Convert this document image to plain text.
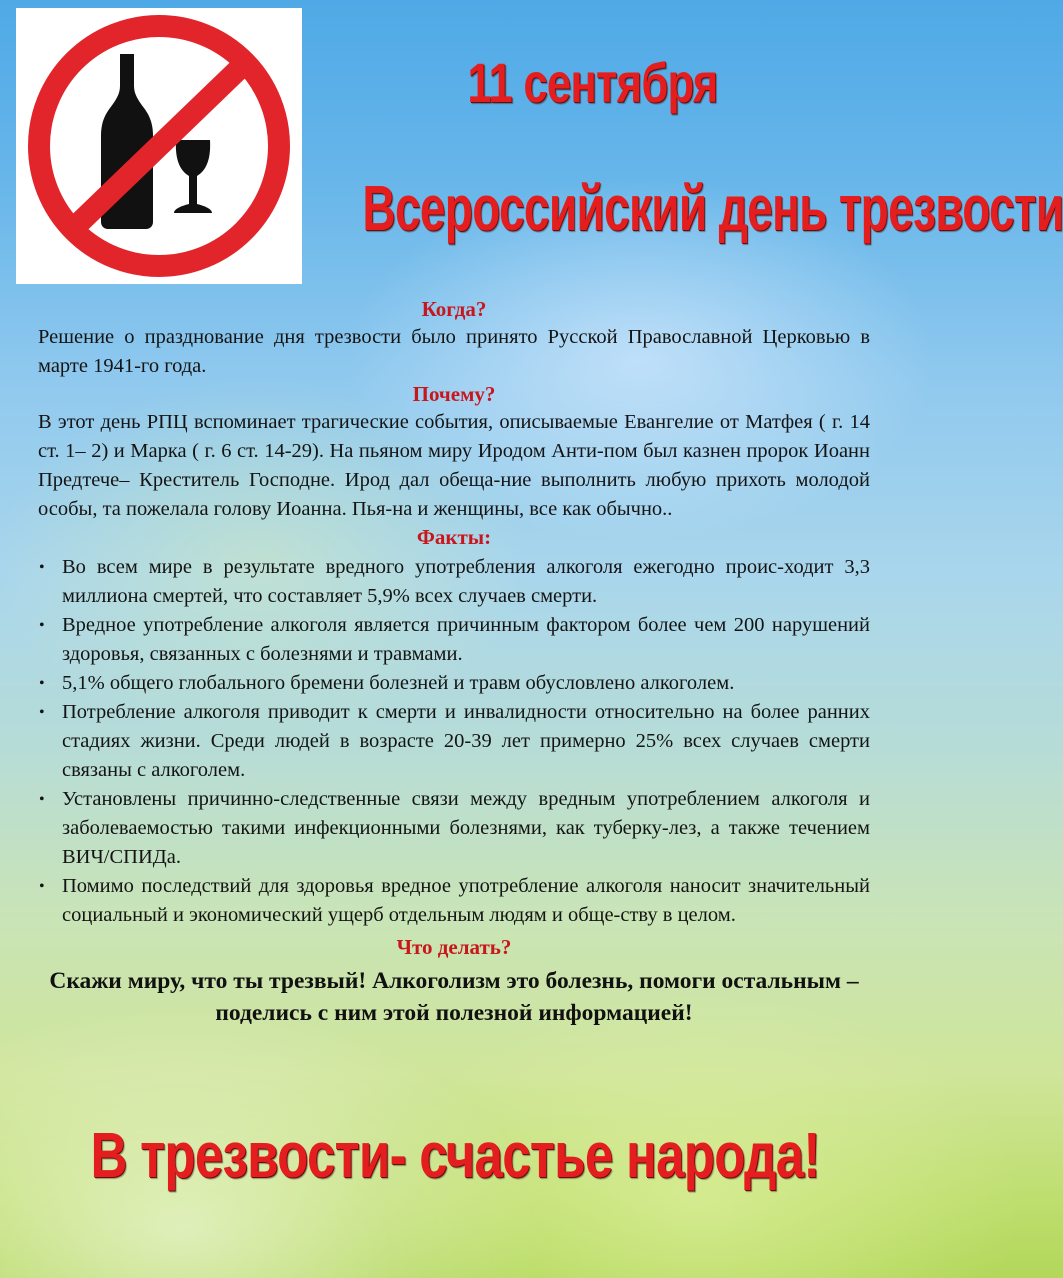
11 сентября
Всероссийский день трезвости

Когда?

Решение о празднование дня трезвости было принято Русской Православной Церковью в марте 1941-го года.

Почему?

В этот день РПЦ вспоминает трагические события, описываемые Евангелие от Матфея ( г. 14 ст. 1– 2) и Марка ( г. 6 ст. 14-29). На пьяном миру Иродом Анти-пом был казнен пророк Иоанн Предтече– Креститель Господне. Ирод дал обеща-ние выполнить любую прихоть молодой особы, та пожелала голову Иоанна. Пья-на и женщины, все как обычно..

Факты:

• Во всем мире в результате вредного употребления алкоголя ежегодно проис-ходит 3,3 миллиона смертей, что составляет 5,9% всех случаев смерти.
• Вредное употребление алкоголя является причинным фактором более чем 200 нарушений здоровья, связанных с болезнями и травмами.
• 5,1% общего глобального бремени болезней и травм обусловлено алкоголем.
• Потребление алкоголя приводит к смерти и инвалидности относительно на более ранних стадиях жизни. Среди людей в возрасте 20-39 лет примерно 25% всех случаев смерти связаны с алкоголем.
• Установлены причинно-следственные связи между вредным употреблением алкоголя и заболеваемостью такими инфекционными болезнями, как туберку-лез, а также течением ВИЧ/СПИДа.
• Помимо последствий для здоровья вредное употребление алкоголя наносит значительный социальный и экономический ущерб отдельным людям и обще-ству в целом.

Что делать?

Скажи миру, что ты трезвый! Алкоголизм это болезнь, помоги остальным –поделись с ним этой полезной информацией!

В трезвости- счастье народа!
